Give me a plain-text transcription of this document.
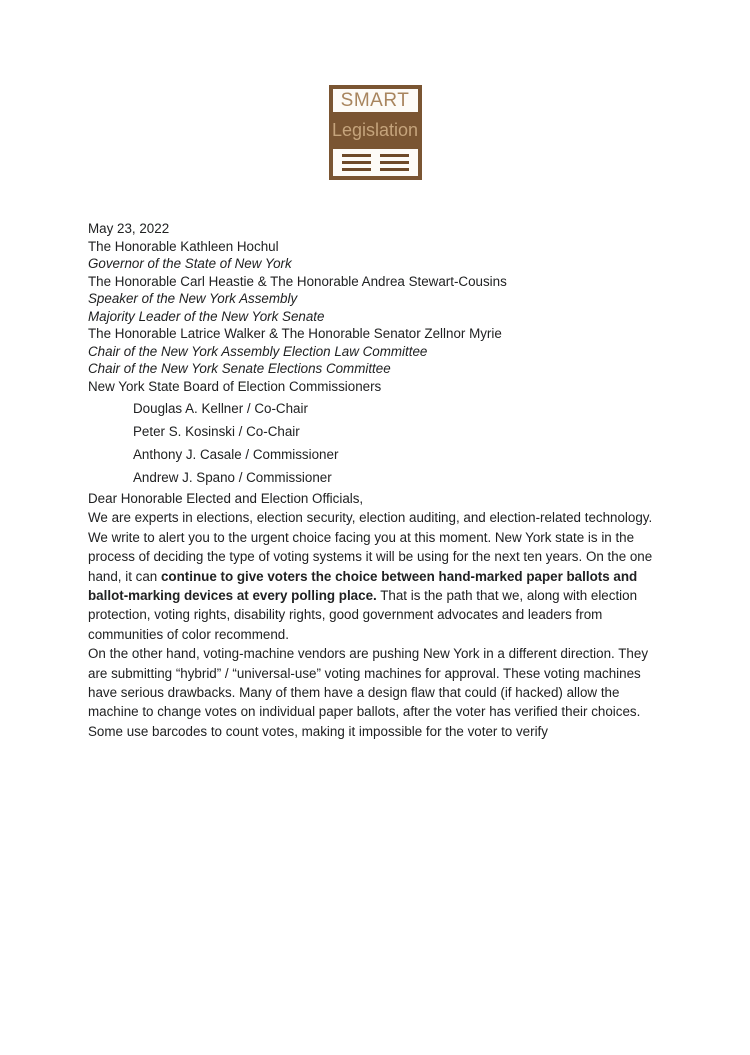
SMART
Legislation

May 23, 2022

The Honorable Kathleen Hochul
Governor of the State of New York

The Honorable Carl Heastie & The Honorable Andrea Stewart-Cousins
Speaker of the New York Assembly
Majority Leader of the New York Senate

The Honorable Latrice Walker & The Honorable Senator Zellnor Myrie
Chair of the New York Assembly Election Law Committee
Chair of the New York Senate Elections Committee

New York State Board of Election Commissioners

Douglas A. Kellner / Co-Chair
Peter S. Kosinski / Co-Chair
Anthony J. Casale / Commissioner
Andrew J. Spano / Commissioner

Dear Honorable Elected and Election Officials,

We are experts in elections, election security, election auditing, and election-related technology.  We write to alert you to the urgent choice facing you at this moment. New York state is in the process of deciding the type of voting systems it will be using for the next ten years. On the one hand, it can continue to give voters the choice between hand-marked paper ballots and ballot-marking devices at every polling place. That is the path that we, along with election protection, voting rights, disability rights, good government advocates and leaders from communities of color recommend.

On the other hand, voting-machine vendors are pushing New York in a different direction. They are submitting “hybrid” / “universal-use” voting machines for approval. These voting machines have serious drawbacks. Many of them have a design flaw that could (if hacked) allow the machine to change votes on individual paper ballots, after the voter has verified their choices. Some use barcodes to count votes, making it impossible for the voter to verify
